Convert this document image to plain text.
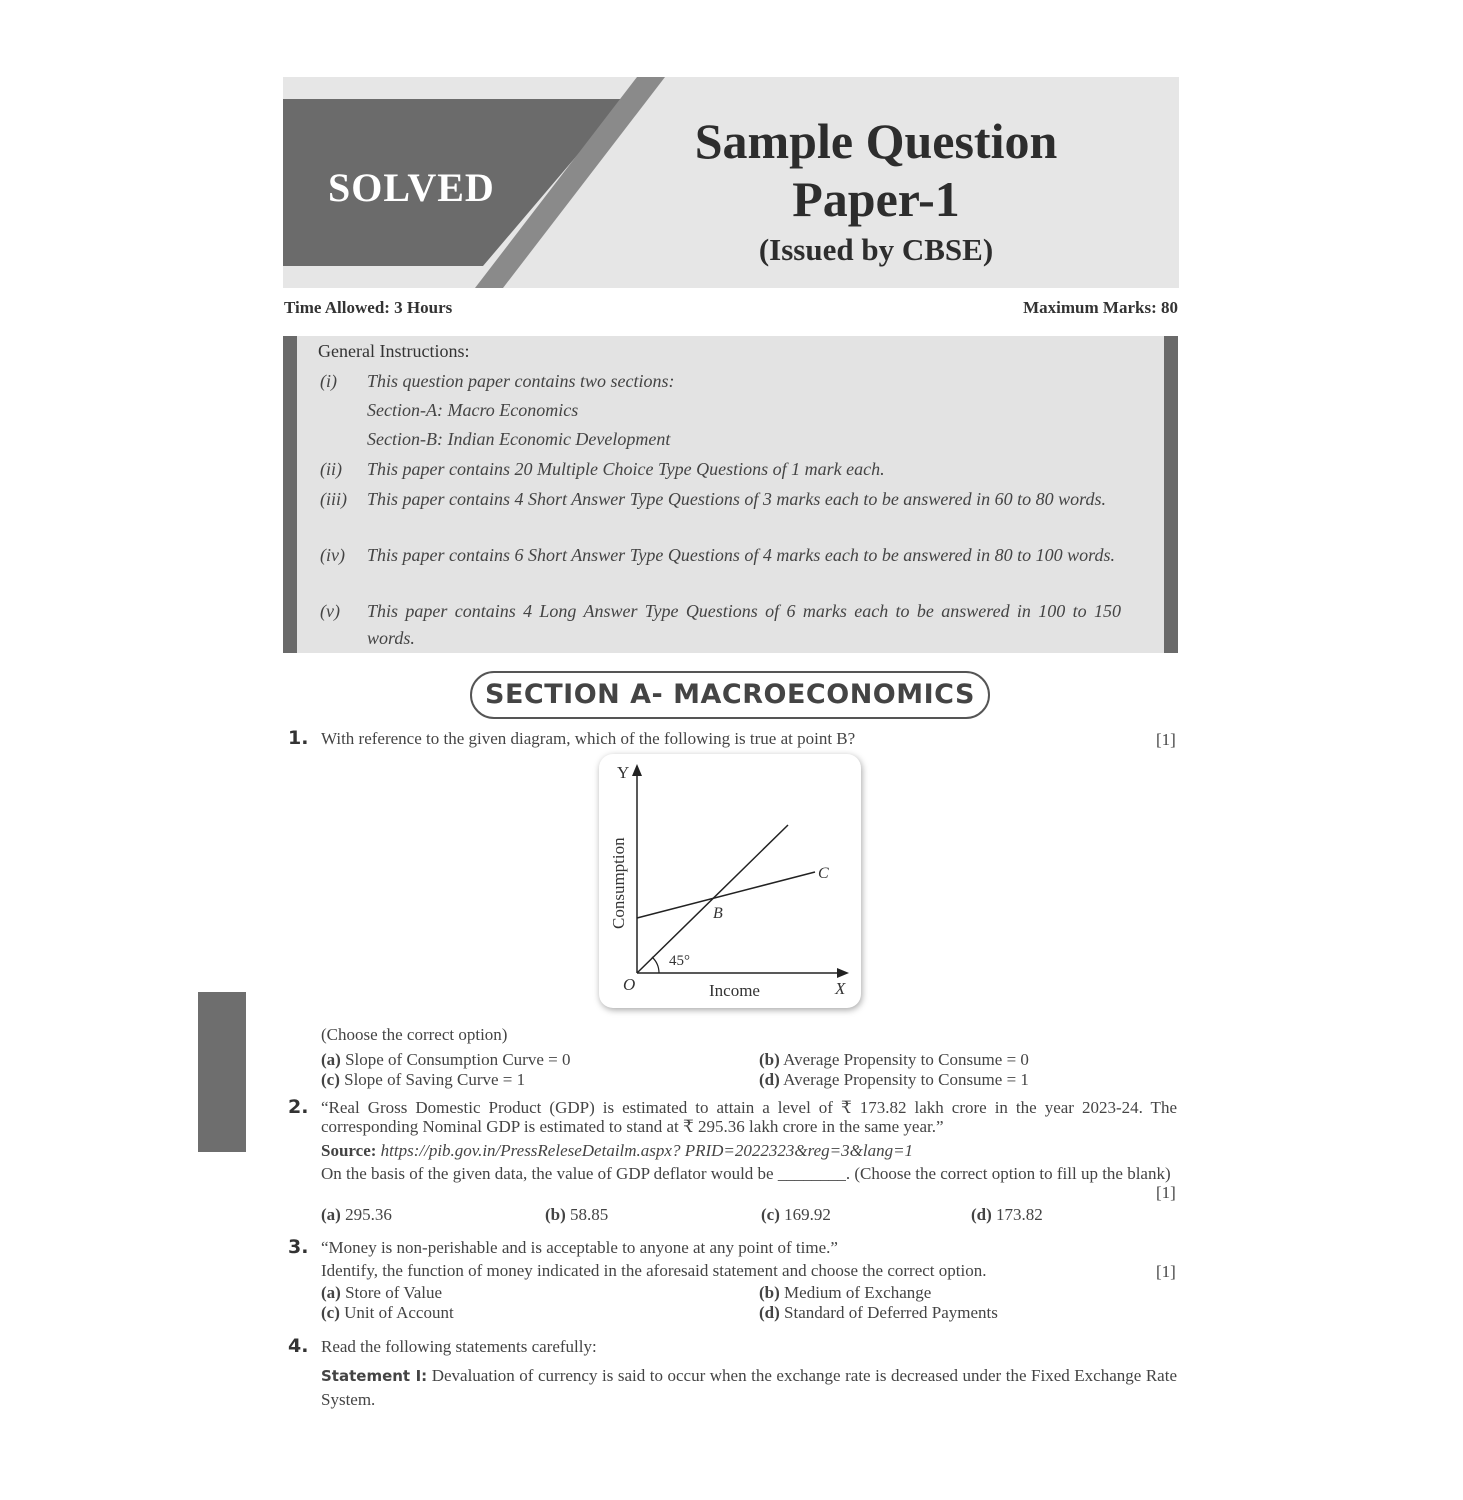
SOLVED
Sample Question
Paper-1
(Issued by CBSE)
Time Allowed: 3 Hours	Maximum Marks: 80
General Instructions:
(i) This question paper contains two sections:
Section-A: Macro Economics
Section-B: Indian Economic Development
(ii) This paper contains 20 Multiple Choice Type Questions of 1 mark each.
(iii) This paper contains 4 Short Answer Type Questions of 3 marks each to be answered in 60 to 80 words.
(iv) This paper contains 6 Short Answer Type Questions of 4 marks each to be answered in 80 to 100 words.
(v) This paper contains 4 Long Answer Type Questions of 6 marks each to be answered in 100 to 150 words.
SECTION A- MACROECONOMICS
1. With reference to the given diagram, which of the following is true at point B?	[1]
Y
X
O	Income
Consumption	B
C
45°
(Choose the correct option)
(a) Slope of Consumption Curve = 0	(b) Average Propensity to Consume = 0
(c) Slope of Saving Curve = 1	(d) Average Propensity to Consume = 1
2. “Real Gross Domestic Product (GDP) is estimated to attain a level of ₹ 173.82 lakh crore in the year 2023-24. The corresponding Nominal GDP is estimated to stand at ₹ 295.36 lakh crore in the same year.”
Source: https://pib.gov.in/PressReleseDetailm.aspx? PRID=2022323&reg=3&lang=1
On the basis of the given data, the value of GDP deflator would be ________. (Choose the correct option to fill up the blank)
[1]
(a) 295.36	(b) 58.85	(c) 169.92	(d) 173.82
3. “Money is non-perishable and is acceptable to anyone at any point of time.”
Identify, the function of money indicated in the aforesaid statement and choose the correct option.	[1]
(a) Store of Value	(b) Medium of Exchange
(c) Unit of Account	(d) Standard of Deferred Payments
4. Read the following statements carefully:
Statement I: Devaluation of currency is said to occur when the exchange rate is decreased under the Fixed Exchange Rate System.
